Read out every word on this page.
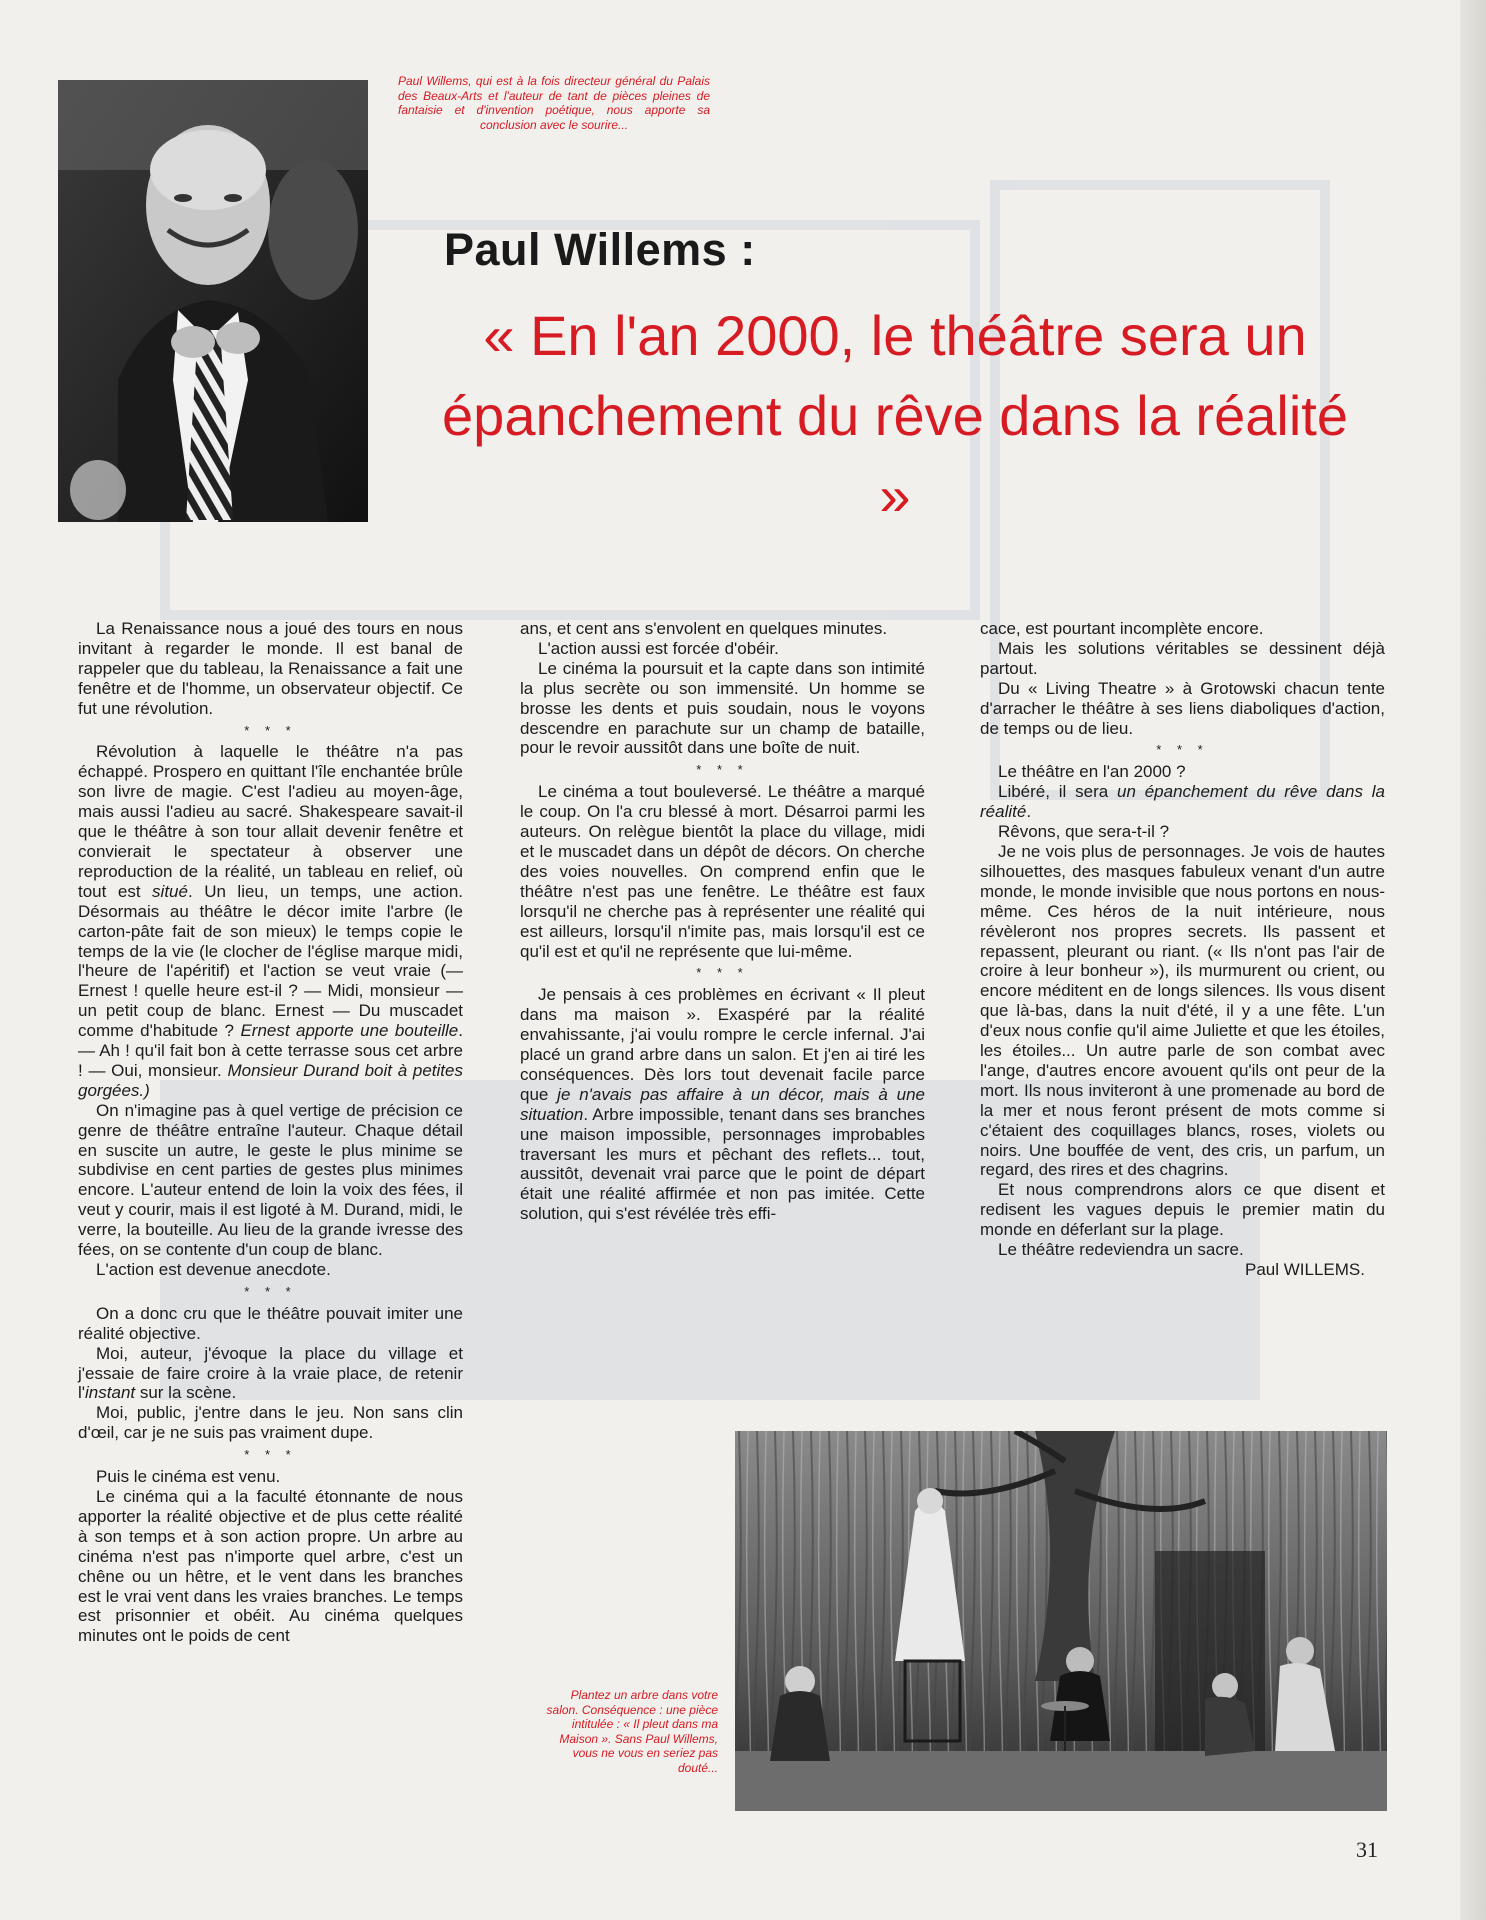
Paul Willems, qui est à la fois directeur général du Palais des Beaux-Arts et l'auteur de tant de pièces pleines de fantaisie et d'invention poétique, nous apporte sa conclusion avec le sourire...

Paul Willems :
« En l'an 2000, le théâtre sera un épanchement du rêve dans la réalité »

La Renaissance nous a joué des tours en nous invitant à regarder le monde. Il est banal de rappeler que du tableau, la Renaissance a fait une fenêtre et de l'homme, un observateur objectif. Ce fut une révolution.

* * *

Révolution à laquelle le théâtre n'a pas échappé. Prospero en quittant l'île enchantée brûle son livre de magie. C'est l'adieu au moyen-âge, mais aussi l'adieu au sacré. Shakespeare savait-il que le théâtre à son tour allait devenir fenêtre et convierait le spectateur à observer une reproduction de la réalité, un tableau en relief, où tout est situé. Un lieu, un temps, une action. Désormais au théâtre le décor imite l'arbre (le carton-pâte fait de son mieux) le temps copie le temps de la vie (le clocher de l'église marque midi, l'heure de l'apéritif) et l'action se veut vraie (— Ernest ! quelle heure est-il ? — Midi, monsieur — un petit coup de blanc. Ernest — Du muscadet comme d'habitude ? Ernest apporte une bouteille. — Ah ! qu'il fait bon à cette terrasse sous cet arbre ! — Oui, monsieur. Monsieur Durand boit à petites gorgées.)

On n'imagine pas à quel vertige de précision ce genre de théâtre entraîne l'auteur. Chaque détail en suscite un autre, le geste le plus minime se subdivise en cent parties de gestes plus minimes encore. L'auteur entend de loin la voix des fées, il veut y courir, mais il est ligoté à M. Durand, midi, le verre, la bouteille. Au lieu de la grande ivresse des fées, on se contente d'un coup de blanc.

L'action est devenue anecdote.

* * *

On a donc cru que le théâtre pouvait imiter une réalité objective.

Moi, auteur, j'évoque la place du village et j'essaie de faire croire à la vraie place, de retenir l'instant sur la scène.

Moi, public, j'entre dans le jeu. Non sans clin d'œil, car je ne suis pas vraiment dupe.

* * *

Puis le cinéma est venu.

Le cinéma qui a la faculté étonnante de nous apporter la réalité objective et de plus cette réalité à son temps et à son action propre. Un arbre au cinéma n'est pas n'importe quel arbre, c'est un chêne ou un hêtre, et le vent dans les branches est le vrai vent dans les vraies branches. Le temps est prisonnier et obéit. Au cinéma quelques minutes ont le poids de cent

ans, et cent ans s'envolent en quelques minutes.

L'action aussi est forcée d'obéir.

Le cinéma la poursuit et la capte dans son intimité la plus secrète ou son immensité. Un homme se brosse les dents et puis soudain, nous le voyons descendre en parachute sur un champ de bataille, pour le revoir aussitôt dans une boîte de nuit.

* * *

Le cinéma a tout bouleversé. Le théâtre a marqué le coup. On l'a cru blessé à mort. Désarroi parmi les auteurs. On relègue bientôt la place du village, midi et le muscadet dans un dépôt de décors. On cherche des voies nouvelles. On comprend enfin que le théâtre n'est pas une fenêtre. Le théâtre est faux lorsqu'il ne cherche pas à représenter une réalité qui est ailleurs, lorsqu'il n'imite pas, mais lorsqu'il est ce qu'il est et qu'il ne représente que lui-même.

* * *

Je pensais à ces problèmes en écrivant « Il pleut dans ma maison ». Exaspéré par la réalité envahissante, j'ai voulu rompre le cercle infernal. J'ai placé un grand arbre dans un salon. Et j'en ai tiré les conséquences. Dès lors tout devenait facile parce que je n'avais pas affaire à un décor, mais à une situation. Arbre impossible, tenant dans ses branches une maison impossible, personnages improbables traversant les murs et pêchant des reflets... tout, aussitôt, devenait vrai parce que le point de départ était une réalité affirmée et non pas imitée. Cette solution, qui s'est révélée très effi-

cace, est pourtant incomplète encore.

Mais les solutions véritables se dessinent déjà partout.

Du « Living Theatre » à Grotowski chacun tente d'arracher le théâtre à ses liens diaboliques d'action, de temps ou de lieu.

* * *

Le théâtre en l'an 2000 ?

Libéré, il sera un épanchement du rêve dans la réalité.

Rêvons, que sera-t-il ?

Je ne vois plus de personnages. Je vois de hautes silhouettes, des masques fabuleux venant d'un autre monde, le monde invisible que nous portons en nous-même. Ces héros de la nuit intérieure, nous révèleront nos propres secrets. Ils passent et repassent, pleurant ou riant. (« Ils n'ont pas l'air de croire à leur bonheur »), ils murmurent ou crient, ou encore méditent en de longs silences. Ils vous disent que là-bas, dans la nuit d'été, il y a une fête. L'un d'eux nous confie qu'il aime Juliette et que les étoiles, les étoiles... Un autre parle de son combat avec l'ange, d'autres encore avouent qu'ils ont peur de la mort. Ils nous inviteront à une promenade au bord de la mer et nous feront présent de mots comme si c'étaient des coquillages blancs, roses, violets ou noirs. Une bouffée de vent, des cris, un parfum, un regard, des rires et des chagrins.

Et nous comprendrons alors ce que disent et redisent les vagues depuis le premier matin du monde en déferlant sur la plage.

Le théâtre redeviendra un sacre.

Paul WILLEMS.

Plantez un arbre dans votre salon. Conséquence : une pièce intitulée : « Il pleut dans ma Maison ». Sans Paul Willems, vous ne vous en seriez pas douté...

31
